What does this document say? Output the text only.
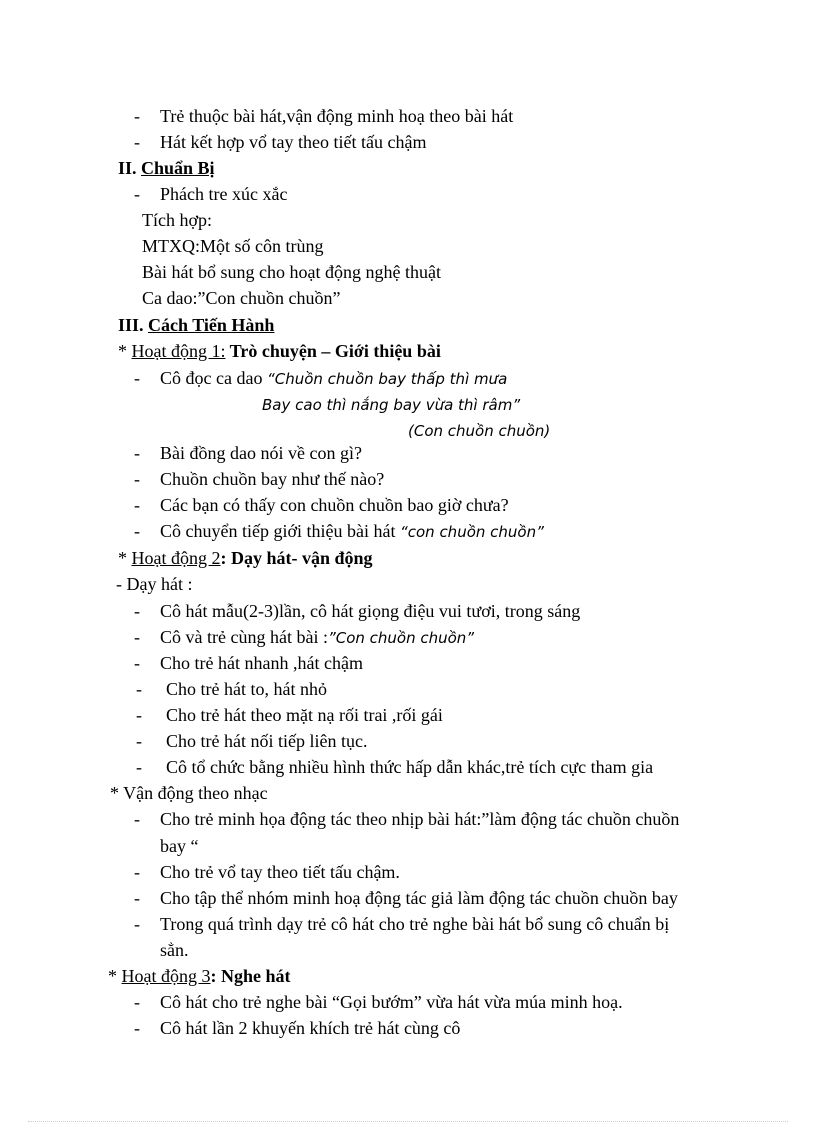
- Trẻ thuộc bài hát,vận động minh hoạ theo bài hát
- Hát kết hợp vổ tay theo tiết tấu chậm
II. Chuẩn Bị
- Phách tre xúc xắc
Tích hợp:
MTXQ:Một số côn trùng
Bài hát bổ sung cho hoạt động nghệ thuật
Ca dao:”Con chuồn chuồn”
III. Cách Tiến Hành
* Hoạt động 1: Trò chuyện – Giới thiệu bài
- Cô đọc ca dao “Chuồn chuồn bay thấp thì mưa
Bay cao thì nắng bay vừa thì râm”
(Con chuồn chuồn)
- Bài đồng dao nói về con gì?
- Chuồn chuồn bay như thế nào?
- Các bạn có thấy con chuồn chuồn bao giờ chưa?
- Cô chuyển tiếp giới thiệu bài hát “con chuồn chuồn”
* Hoạt động 2: Dạy hát- vận động
- Dạy hát :
- Cô hát mẫu(2-3)lần, cô hát giọng điệu vui tươi, trong sáng
- Cô và trẻ cùng hát bài :”Con chuồn chuồn”
- Cho trẻ hát nhanh ,hát chậm
- Cho trẻ hát to, hát nhỏ
- Cho trẻ hát theo mặt nạ rối trai ,rối gái
- Cho trẻ hát nối tiếp liên tục.
- Cô tổ chức bằng nhiều hình thức hấp dẫn khác,trẻ tích cực tham gia
* Vận động theo nhạc
- Cho trẻ minh họa động tác theo nhịp bài hát:”làm động tác chuồn chuồn
bay “
- Cho trẻ vổ tay theo tiết tấu chậm.
- Cho tập thể nhóm minh hoạ động tác giả làm động tác chuồn chuồn bay
- Trong quá trình dạy trẻ cô hát cho trẻ nghe bài hát bổ sung cô chuẩn bị
sẳn.
* Hoạt động 3: Nghe hát
- Cô hát cho trẻ nghe bài “Gọi bướm” vừa hát vừa múa minh hoạ.
- Cô hát lần 2 khuyến khích trẻ hát cùng cô
